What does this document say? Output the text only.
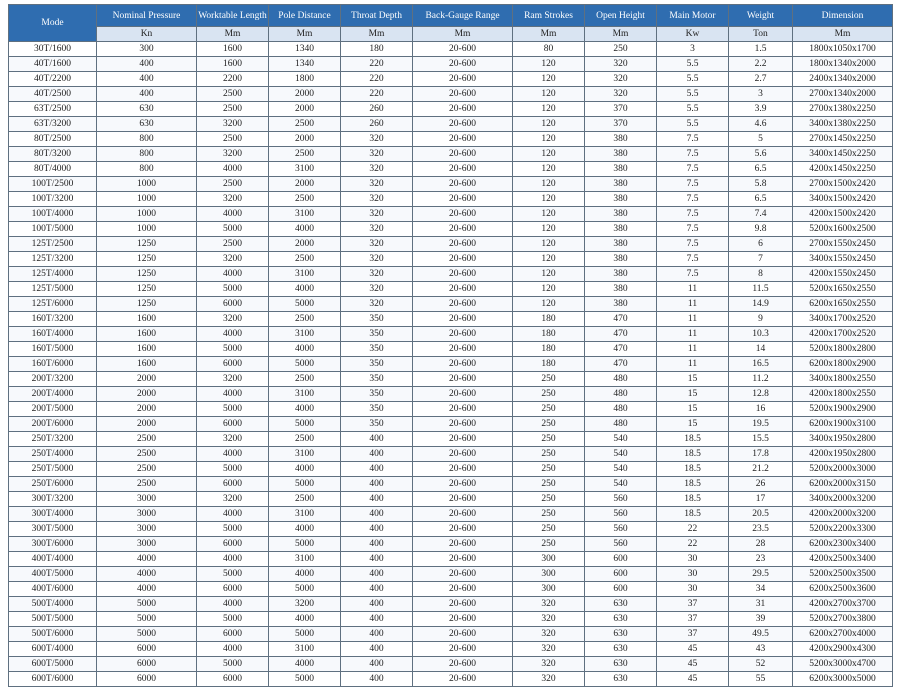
Mode	Nominal Pressure	Worktable Length	Pole Distance	Throat Depth	Back-Gauge Range	Ram Strokes	Open Height	Main Motor	Weight	Dimension
	Kn	Mm	Mm	Mm	Mm	Mm	Mm	Kw	Ton	Mm
30T/1600	300	1600	1340	180	20-600	80	250	3	1.5	1800x1050x1700
40T/1600	400	1600	1340	220	20-600	120	320	5.5	2.2	1800x1340x2000
40T/2200	400	2200	1800	220	20-600	120	320	5.5	2.7	2400x1340x2000
40T/2500	400	2500	2000	220	20-600	120	320	5.5	3	2700x1340x2000
63T/2500	630	2500	2000	260	20-600	120	370	5.5	3.9	2700x1380x2250
63T/3200	630	3200	2500	260	20-600	120	370	5.5	4.6	3400x1380x2250
80T/2500	800	2500	2000	320	20-600	120	380	7.5	5	2700x1450x2250
80T/3200	800	3200	2500	320	20-600	120	380	7.5	5.6	3400x1450x2250
80T/4000	800	4000	3100	320	20-600	120	380	7.5	6.5	4200x1450x2250
100T/2500	1000	2500	2000	320	20-600	120	380	7.5	5.8	2700x1500x2420
100T/3200	1000	3200	2500	320	20-600	120	380	7.5	6.5	3400x1500x2420
100T/4000	1000	4000	3100	320	20-600	120	380	7.5	7.4	4200x1500x2420
100T/5000	1000	5000	4000	320	20-600	120	380	7.5	9.8	5200x1600x2500
125T/2500	1250	2500	2000	320	20-600	120	380	7.5	6	2700x1550x2450
125T/3200	1250	3200	2500	320	20-600	120	380	7.5	7	3400x1550x2450
125T/4000	1250	4000	3100	320	20-600	120	380	7.5	8	4200x1550x2450
125T/5000	1250	5000	4000	320	20-600	120	380	11	11.5	5200x1650x2550
125T/6000	1250	6000	5000	320	20-600	120	380	11	14.9	6200x1650x2550
160T/3200	1600	3200	2500	350	20-600	180	470	11	9	3400x1700x2520
160T/4000	1600	4000	3100	350	20-600	180	470	11	10.3	4200x1700x2520
160T/5000	1600	5000	4000	350	20-600	180	470	11	14	5200x1800x2800
160T/6000	1600	6000	5000	350	20-600	180	470	11	16.5	6200x1800x2900
200T/3200	2000	3200	2500	350	20-600	250	480	15	11.2	3400x1800x2550
200T/4000	2000	4000	3100	350	20-600	250	480	15	12.8	4200x1800x2550
200T/5000	2000	5000	4000	350	20-600	250	480	15	16	5200x1900x2900
200T/6000	2000	6000	5000	350	20-600	250	480	15	19.5	6200x1900x3100
250T/3200	2500	3200	2500	400	20-600	250	540	18.5	15.5	3400x1950x2800
250T/4000	2500	4000	3100	400	20-600	250	540	18.5	17.8	4200x1950x2800
250T/5000	2500	5000	4000	400	20-600	250	540	18.5	21.2	5200x2000x3000
250T/6000	2500	6000	5000	400	20-600	250	540	18.5	26	6200x2000x3150
300T/3200	3000	3200	2500	400	20-600	250	560	18.5	17	3400x2000x3200
300T/4000	3000	4000	3100	400	20-600	250	560	18.5	20.5	4200x2000x3200
300T/5000	3000	5000	4000	400	20-600	250	560	22	23.5	5200x2200x3300
300T/6000	3000	6000	5000	400	20-600	250	560	22	28	6200x2300x3400
400T/4000	4000	4000	3100	400	20-600	300	600	30	23	4200x2500x3400
400T/5000	4000	5000	4000	400	20-600	300	600	30	29.5	5200x2500x3500
400T/6000	4000	6000	5000	400	20-600	300	600	30	34	6200x2500x3600
500T/4000	5000	4000	3200	400	20-600	320	630	37	31	4200x2700x3700
500T/5000	5000	5000	4000	400	20-600	320	630	37	39	5200x2700x3800
500T/6000	5000	6000	5000	400	20-600	320	630	37	49.5	6200x2700x4000
600T/4000	6000	4000	3100	400	20-600	320	630	45	43	4200x2900x4300
600T/5000	6000	5000	4000	400	20-600	320	630	45	52	5200x3000x4700
600T/6000	6000	6000	5000	400	20-600	320	630	45	55	6200x3000x5000
